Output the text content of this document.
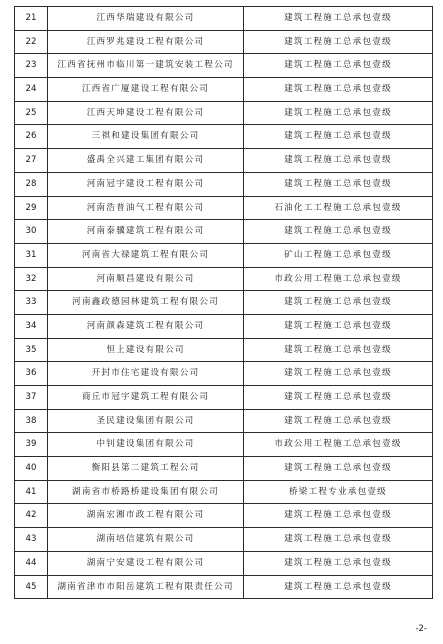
21	江西华瑞建设有限公司	建筑工程施工总承包壹级
22	江西罗兆建设工程有限公司	建筑工程施工总承包壹级
23	江西省抚州市临川第一建筑安装工程公司	建筑工程施工总承包壹级
24	江西省广厦建设工程有限公司	建筑工程施工总承包壹级
25	江西天坤建设工程有限公司	建筑工程施工总承包壹级
26	三祺和建设集团有限公司	建筑工程施工总承包壹级
27	盛禹全兴建工集团有限公司	建筑工程施工总承包壹级
28	河南冠宇建设工程有限公司	建筑工程施工总承包壹级
29	河南浩普油气工程有限公司	石油化工工程施工总承包壹级
30	河南泰骥建筑工程有限公司	建筑工程施工总承包壹级
31	河南省大禄建筑工程有限公司	矿山工程施工总承包壹级
32	河南顺昌建设有限公司	市政公用工程施工总承包壹级
33	河南鑫政德园林建筑工程有限公司	建筑工程施工总承包壹级
34	河南颜森建筑工程有限公司	建筑工程施工总承包壹级
35	恒上建设有限公司	建筑工程施工总承包壹级
36	开封市住宅建设有限公司	建筑工程施工总承包壹级
37	商丘市冠宇建筑工程有限公司	建筑工程施工总承包壹级
38	圣民建设集团有限公司	建筑工程施工总承包壹级
39	中钊建设集团有限公司	市政公用工程施工总承包壹级
40	衡阳县第二建筑工程公司	建筑工程施工总承包壹级
41	湖南省市桥路桥建设集团有限公司	桥梁工程专业承包壹级
42	湖南宏湘市政工程有限公司	建筑工程施工总承包壹级
43	湖南培信建筑有限公司	建筑工程施工总承包壹级
44	湖南宁安建设工程有限公司	建筑工程施工总承包壹级
45	湖南省津市市阳岳建筑工程有限责任公司	建筑工程施工总承包壹级
-2-
